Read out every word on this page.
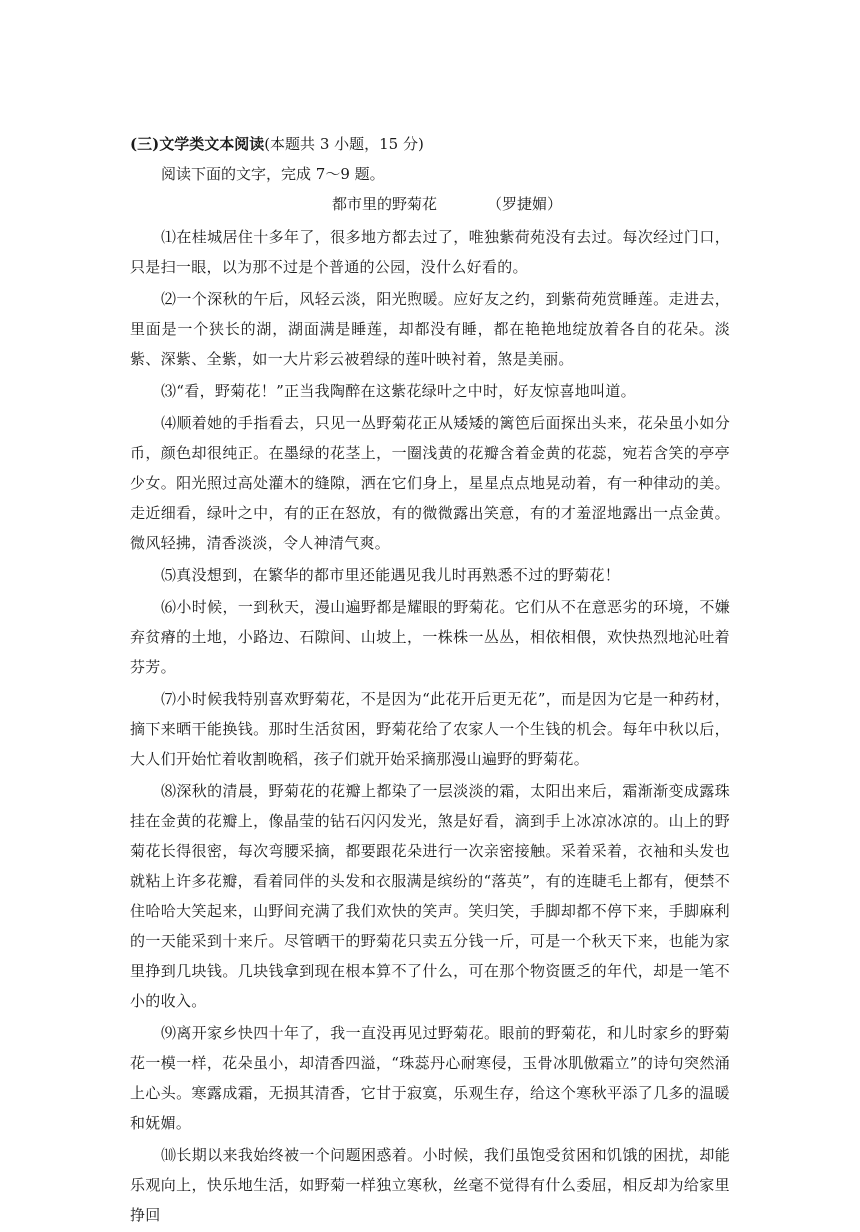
(三)文学类文本阅读(本题共 3 小题，15 分)
阅读下面的文字，完成 7～9 题。
都市里的野菊花	（罗捷媚）

⑴在桂城居住十多年了，很多地方都去过了，唯独紫荷苑没有去过。每次经过门口，只是扫一眼，以为那不过是个普通的公园，没什么好看的。

⑵一个深秋的午后，风轻云淡，阳光煦暖。应好友之约，到紫荷苑赏睡莲。走进去，里面是一个狭长的湖，湖面满是睡莲，却都没有睡，都在艳艳地绽放着各自的花朵。淡紫、深紫、全紫，如一大片彩云被碧绿的莲叶映衬着，煞是美丽。

⑶“看，野菊花！”正当我陶醉在这紫花绿叶之中时，好友惊喜地叫道。

⑷顺着她的手指看去，只见一丛野菊花正从矮矮的篱笆后面探出头来，花朵虽小如分币，颜色却很纯正。在墨绿的花茎上，一圈浅黄的花瓣含着金黄的花蕊，宛若含笑的亭亭少女。阳光照过高处灌木的缝隙，洒在它们身上，星星点点地晃动着，有一种律动的美。走近细看，绿叶之中，有的正在怒放，有的微微露出笑意，有的才羞涩地露出一点金黄。微风轻拂，清香淡淡，令人神清气爽。

⑸真没想到，在繁华的都市里还能遇见我儿时再熟悉不过的野菊花！

⑹小时候，一到秋天，漫山遍野都是耀眼的野菊花。它们从不在意恶劣的环境，不嫌弃贫瘠的土地，小路边、石隙间、山坡上，一株株一丛丛，相依相偎，欢快热烈地沁吐着芬芳。

⑺小时候我特别喜欢野菊花，不是因为“此花开后更无花”，而是因为它是一种药材，摘下来晒干能换钱。那时生活贫困，野菊花给了农家人一个生钱的机会。每年中秋以后，大人们开始忙着收割晚稻，孩子们就开始采摘那漫山遍野的野菊花。

⑻深秋的清晨，野菊花的花瓣上都染了一层淡淡的霜，太阳出来后，霜渐渐变成露珠挂在金黄的花瓣上，像晶莹的钻石闪闪发光，煞是好看，滴到手上冰凉冰凉的。山上的野菊花长得很密，每次弯腰采摘，都要跟花朵进行一次亲密接触。采着采着，衣袖和头发也就粘上许多花瓣，看着同伴的头发和衣服满是缤纷的“落英”，有的连睫毛上都有，便禁不住哈哈大笑起来，山野间充满了我们欢快的笑声。笑归笑，手脚却都不停下来，手脚麻利的一天能采到十来斤。尽管晒干的野菊花只卖五分钱一斤，可是一个秋天下来，也能为家里挣到几块钱。几块钱拿到现在根本算不了什么，可在那个物资匮乏的年代，却是一笔不小的收入。

⑼离开家乡快四十年了，我一直没再见过野菊花。眼前的野菊花，和儿时家乡的野菊花一模一样，花朵虽小，却清香四溢，“珠蕊丹心耐寒侵，玉骨冰肌傲霜立”的诗句突然涌上心头。寒露成霜，无损其清香，它甘于寂寞，乐观生存，给这个寒秋平添了几多的温暖和妩媚。

⑽长期以来我始终被一个问题困惑着。小时候，我们虽饱受贫困和饥饿的困扰，却能乐观向上，快乐地生活，如野菊一样独立寒秋，丝毫不觉得有什么委屈，相反却为给家里挣回
